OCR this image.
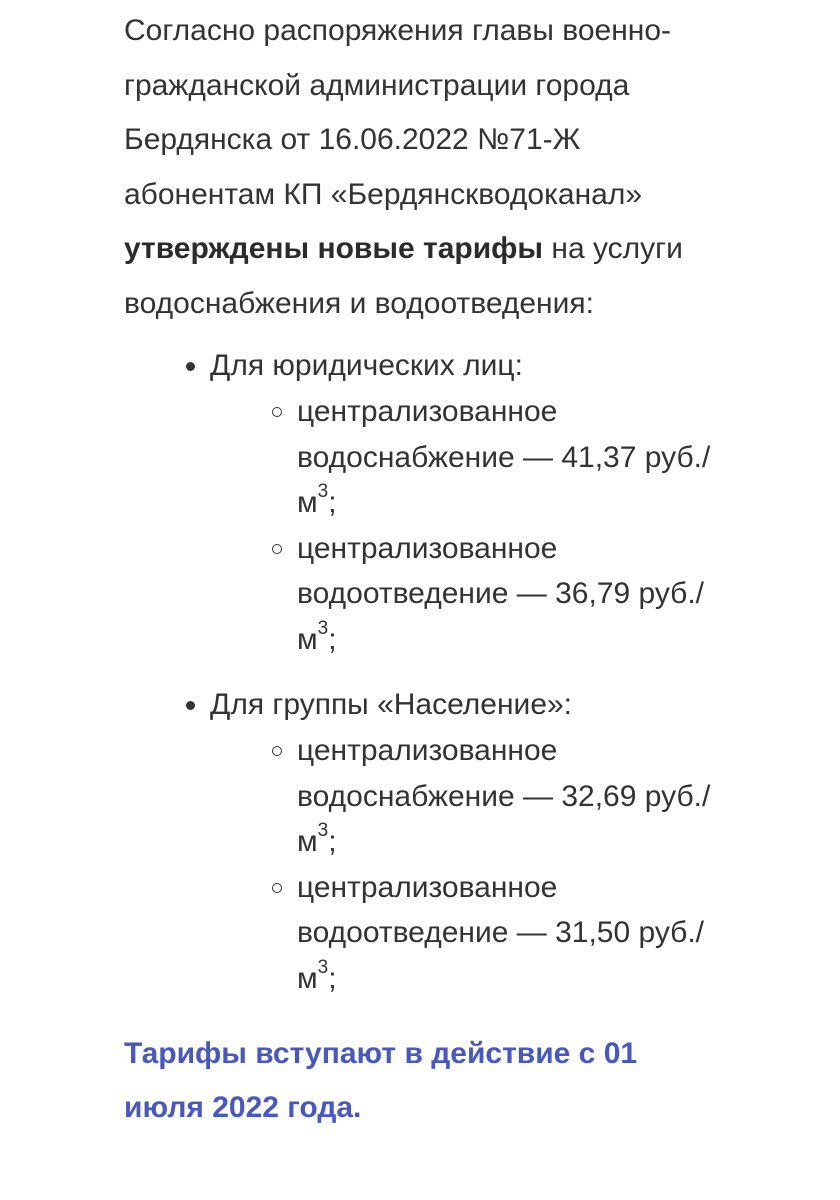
Согласно распоряжения главы военно-гражданской администрации города Бердянска от 16.06.2022 №71-Ж абонентам КП «Бердянскводоканал» утверждены новые тарифы на услуги водоснабжения и водоотведения:

Для юридических лиц:

централизованное водоснабжение — 41,37 $руб./м^3$;
централизованное водоотведение — 36,79 $руб./м^3$;

Для группы «Население»:

централизованное водоснабжение — 32,69 $руб./м^3$;
централизованное водоотведение — 31,50 $руб./м^3$;

Тарифы вступают в действие с 01 июля 2022 года.
